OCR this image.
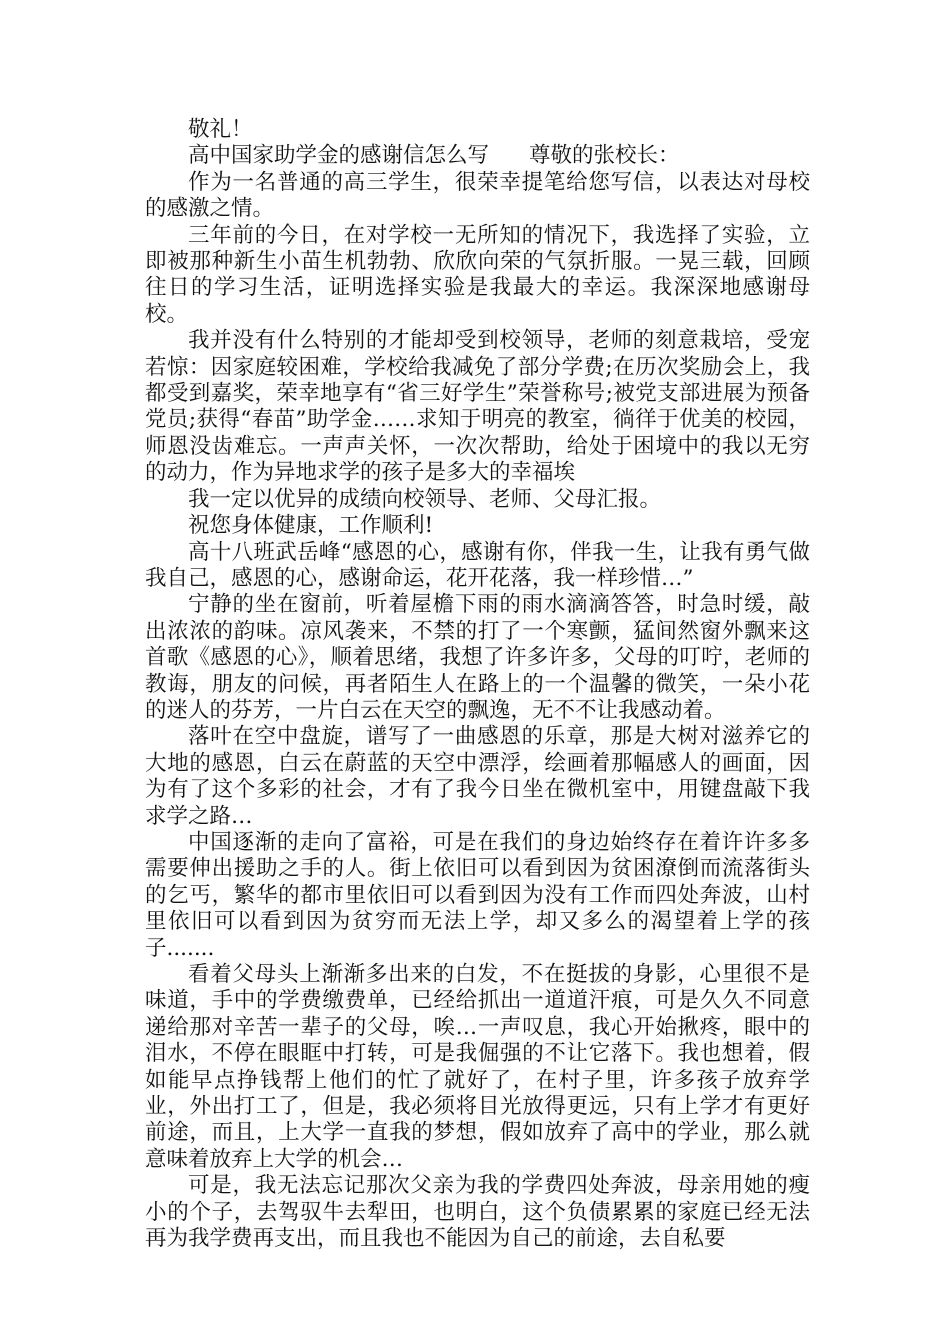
敬礼！

高中国家助学金的感谢信怎么写 尊敬的张校长：

作为一名普通的高三学生，很荣幸提笔给您写信，以表达对母校的感激之情。

三年前的今日，在对学校一无所知的情况下，我选择了实验，立即被那种新生小苗生机勃勃、欣欣向荣的气氛折服。一晃三载，回顾往日的学习生活，证明选择实验是我最大的幸运。我深深地感谢母校。

我并没有什么特别的才能却受到校领导，老师的刻意栽培，受宠若惊：因家庭较困难，学校给我减免了部分学费;在历次奖励会上，我都受到嘉奖，荣幸地享有“省三好学生”荣誉称号;被党支部进展为预备党员;获得“春苗”助学金……求知于明亮的教室，徜徉于优美的校园，师恩没齿难忘。一声声关怀，一次次帮助，给处于困境中的我以无穷的动力，作为异地求学的孩子是多大的幸福埃

我一定以优异的成绩向校领导、老师、父母汇报。

祝您身体健康，工作顺利!

高十八班武岳峰“感恩的心，感谢有你，伴我一生，让我有勇气做我自己，感恩的心，感谢命运，花开花落，我一样珍惜…”

宁静的坐在窗前，听着屋檐下雨的雨水滴滴答答，时急时缓，敲出浓浓的韵味。凉风袭来，不禁的打了一个寒颤，猛间然窗外飘来这首歌《感恩的心》，顺着思绪，我想了许多许多，父母的叮咛，老师的教诲，朋友的问候，再者陌生人在路上的一个温馨的微笑，一朵小花的迷人的芬芳，一片白云在天空的飘逸，无不不让我感动着。

落叶在空中盘旋，谱写了一曲感恩的乐章，那是大树对滋养它的大地的感恩，白云在蔚蓝的天空中漂浮，绘画着那幅感人的画面，因为有了这个多彩的社会，才有了我今日坐在微机室中，用键盘敲下我求学之路…

中国逐渐的走向了富裕，可是在我们的身边始终存在着许许多多需要伸出援助之手的人。街上依旧可以看到因为贫困潦倒而流落街头的乞丐，繁华的都市里依旧可以看到因为没有工作而四处奔波，山村里依旧可以看到因为贫穷而无法上学，却又多么的渴望着上学的孩子.......

看着父母头上渐渐多出来的白发，不在挺拔的身影，心里很不是味道，手中的学费缴费单，已经给抓出一道道汗痕，可是久久不同意递给那对辛苦一辈子的父母，唉…一声叹息，我心开始揪疼，眼中的泪水，不停在眼眶中打转，可是我倔强的不让它落下。我也想着，假如能早点挣钱帮上他们的忙了就好了，在村子里，许多孩子放弃学业，外出打工了，但是，我必须将目光放得更远，只有上学才有更好前途，而且，上大学一直我的梦想，假如放弃了高中的学业，那么就意味着放弃上大学的机会…

可是，我无法忘记那次父亲为我的学费四处奔波，母亲用她的瘦小的个子，去驾驭牛去犁田，也明白，这个负债累累的家庭已经无法再为我学费再支出，而且我也不能因为自己的前途，去自私要
